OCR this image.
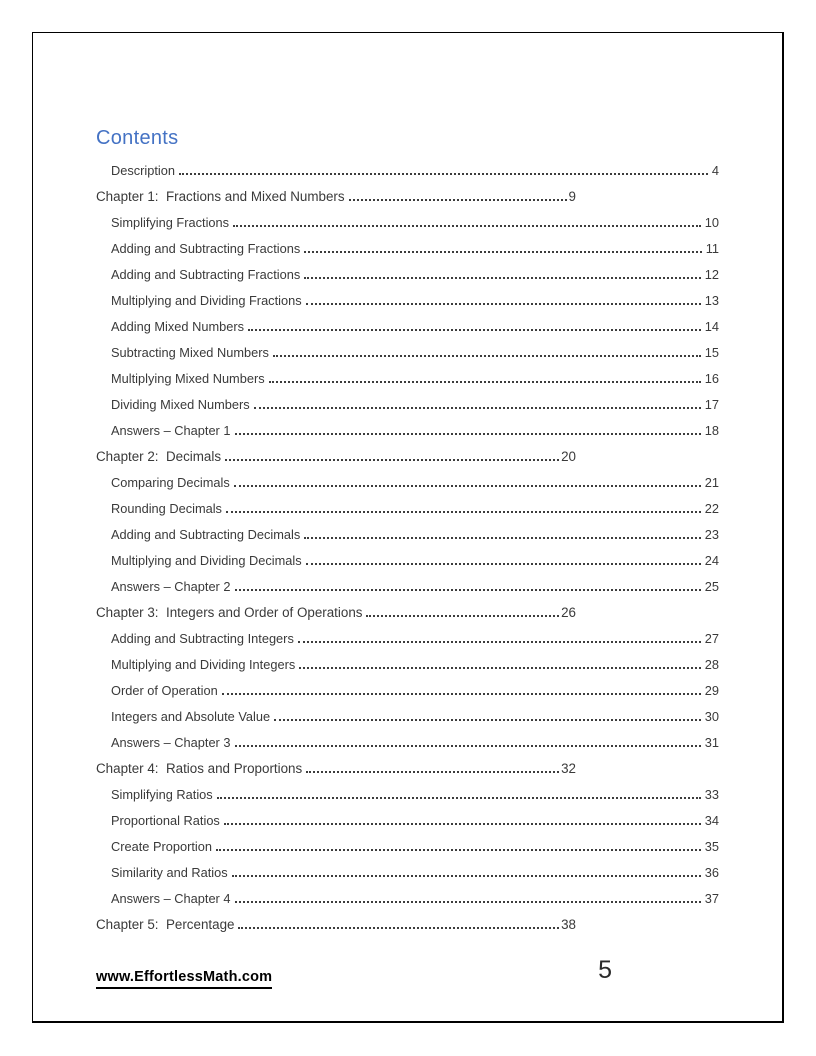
Contents
Description	4
Chapter 1:  Fractions and Mixed Numbers	9
Simplifying Fractions	10
Adding and Subtracting Fractions	11
Adding and Subtracting Fractions	12
Multiplying and Dividing Fractions	13
Adding Mixed Numbers	14
Subtracting Mixed Numbers	15
Multiplying Mixed Numbers	16
Dividing Mixed Numbers	17
Answers – Chapter 1	18
Chapter 2:  Decimals	20
Comparing Decimals	21
Rounding Decimals	22
Adding and Subtracting Decimals	23
Multiplying and Dividing Decimals	24
Answers – Chapter 2	25
Chapter 3:  Integers and Order of Operations	26
Adding and Subtracting Integers	27
Multiplying and Dividing Integers	28
Order of Operation	29
Integers and Absolute Value	30
Answers – Chapter 3	31
Chapter 4:  Ratios and Proportions	32
Simplifying Ratios	33
Proportional Ratios	34
Create Proportion	35
Similarity and Ratios	36
Answers – Chapter 4	37
Chapter 5:  Percentage	38
www.EffortlessMath.com	5
